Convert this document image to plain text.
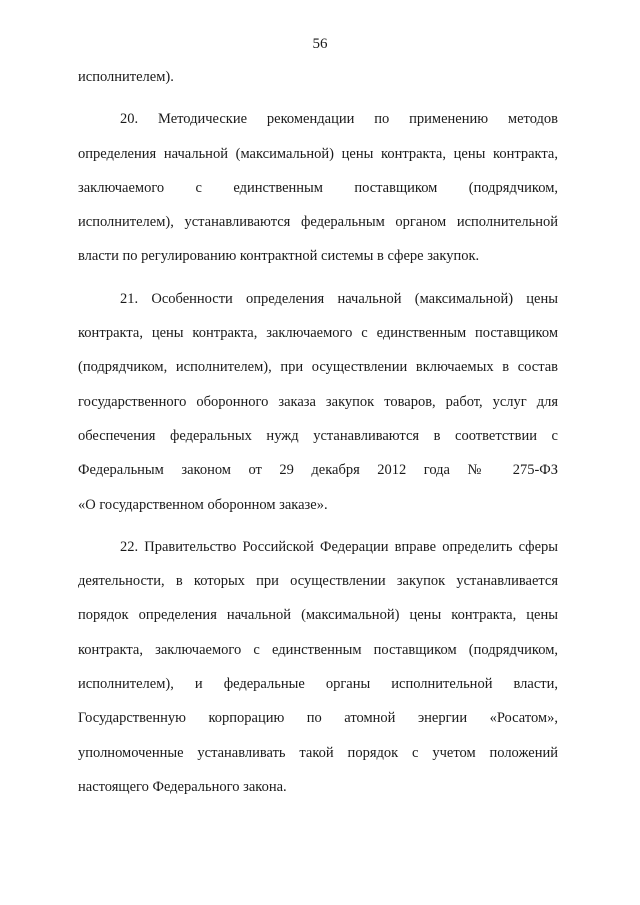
56
исполнителем).
20. Методические рекомендации по применению методов
определения начальной (максимальной) цены контракта, цены контракта,
заключаемого с единственным поставщиком (подрядчиком,
исполнителем), устанавливаются федеральным органом исполнительной
власти по регулированию контрактной системы в сфере закупок.
21. Особенности определения начальной (максимальной) цены
контракта, цены контракта, заключаемого с единственным поставщиком
(подрядчиком, исполнителем), при осуществлении включаемых в состав
государственного оборонного заказа закупок товаров, работ, услуг для
обеспечения федеральных нужд устанавливаются в соответствии с
Федеральным законом от 29 декабря 2012 года № 275-ФЗ
«О государственном оборонном заказе».
22. Правительство Российской Федерации вправе определить сферы
деятельности, в которых при осуществлении закупок устанавливается
порядок определения начальной (максимальной) цены контракта, цены
контракта, заключаемого с единственным поставщиком (подрядчиком,
исполнителем), и федеральные органы исполнительной власти,
Государственную корпорацию по атомной энергии «Росатом»,
уполномоченные устанавливать такой порядок с учетом положений
настоящего Федерального закона.
